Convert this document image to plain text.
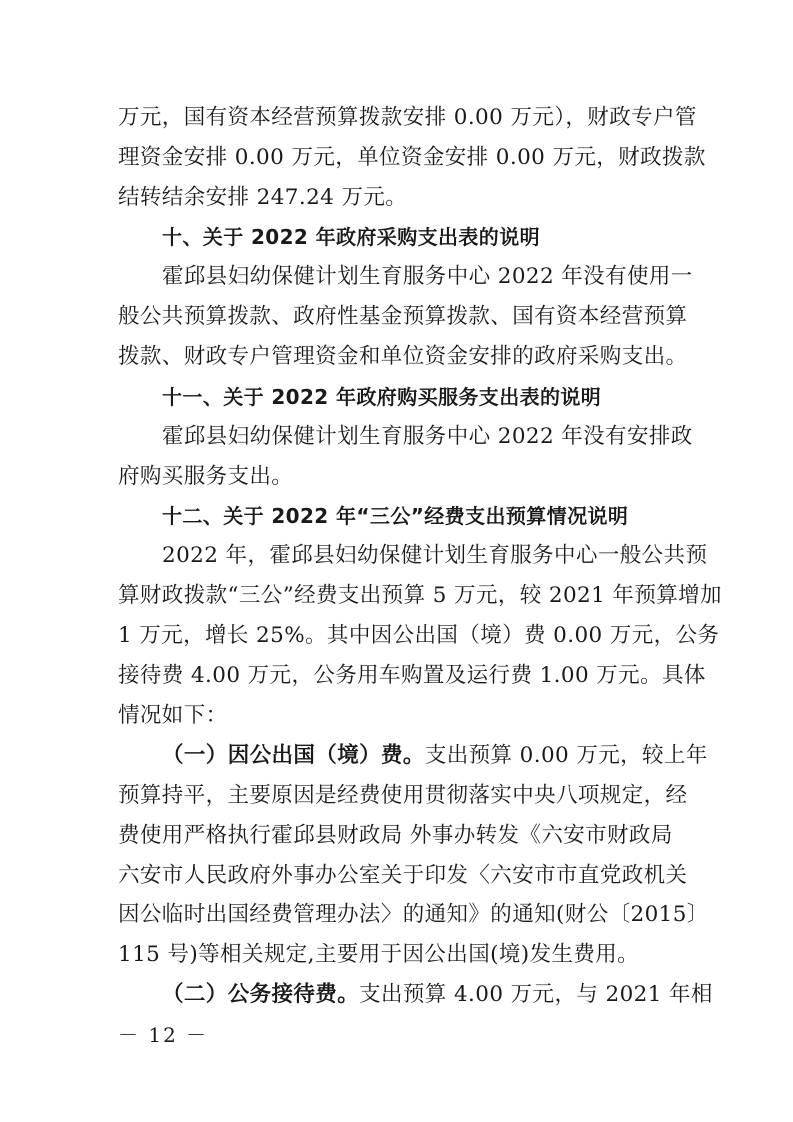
万元，国有资本经营预算拨款安排 0.00 万元），财政专户管
理资金安排 0.00 万元，单位资金安排 0.00 万元，财政拨款
结转结余安排 247.24 万元。
十、关于 2022 年政府采购支出表的说明
霍邱县妇幼保健计划生育服务中心 2022 年没有使用一
般公共预算拨款、政府性基金预算拨款、国有资本经营预算
拨款、财政专户管理资金和单位资金安排的政府采购支出。
十一、关于 2022 年政府购买服务支出表的说明
霍邱县妇幼保健计划生育服务中心 2022 年没有安排政
府购买服务支出。
十二、关于 2022 年“三公”经费支出预算情况说明
2022 年，霍邱县妇幼保健计划生育服务中心一般公共预
算财政拨款“三公”经费支出预算 5 万元，较 2021 年预算增加
1 万元，增长 25%。其中因公出国（境）费 0.00 万元，公务
接待费 4.00 万元，公务用车购置及运行费 1.00 万元。具体
情况如下：
（一）因公出国（境）费。支出预算 0.00 万元，较上年
预算持平，主要原因是经费使用贯彻落实中央八项规定，经
费使用严格执行霍邱县财政局 外事办转发《六安市财政局
六安市人民政府外事办公室关于印发〈六安市市直党政机关
因公临时出国经费管理办法〉的通知》的通知(财公〔2015〕
115 号)等相关规定,主要用于因公出国(境)发生费用。
（二）公务接待费。支出预算 4.00 万元，与 2021 年相
－ 12 －
